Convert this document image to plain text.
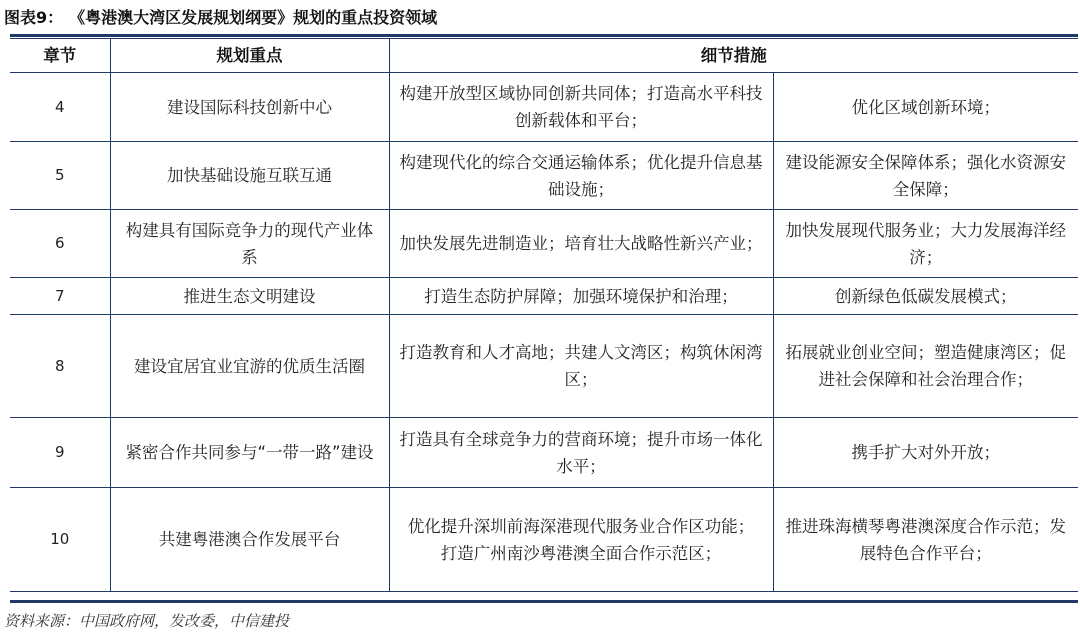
图表9： 《粤港澳大湾区发展规划纲要》规划的重点投资领域
章节	规划重点	细节措施	
4	建设国际科技创新中心	构建开放型区域协同创新共同体；打造高水平科技创新载体和平台；	优化区域创新环境；
5	加快基础设施互联互通	构建现代化的综合交通运输体系；优化提升信息基础设施；	建设能源安全保障体系；强化水资源安全保障；
6	构建具有国际竞争力的现代产业体系	加快发展先进制造业；培育壮大战略性新兴产业；	加快发展现代服务业；大力发展海洋经济；
7	推进生态文明建设	打造生态防护屏障；加强环境保护和治理；	创新绿色低碳发展模式；
8	建设宜居宜业宜游的优质生活圈	打造教育和人才高地；共建人文湾区；构筑休闲湾区；	拓展就业创业空间；塑造健康湾区；促进社会保障和社会治理合作；
9	紧密合作共同参与“一带一路”建设	打造具有全球竞争力的营商环境；提升市场一体化水平；	携手扩大对外开放；
10	共建粤港澳合作发展平台	优化提升深圳前海深港现代服务业合作区功能； 打造广州南沙粤港澳全面合作示范区；	推进珠海横琴粤港澳深度合作示范；发展特色合作平台；
资料来源：中国政府网，发改委，中信建投
